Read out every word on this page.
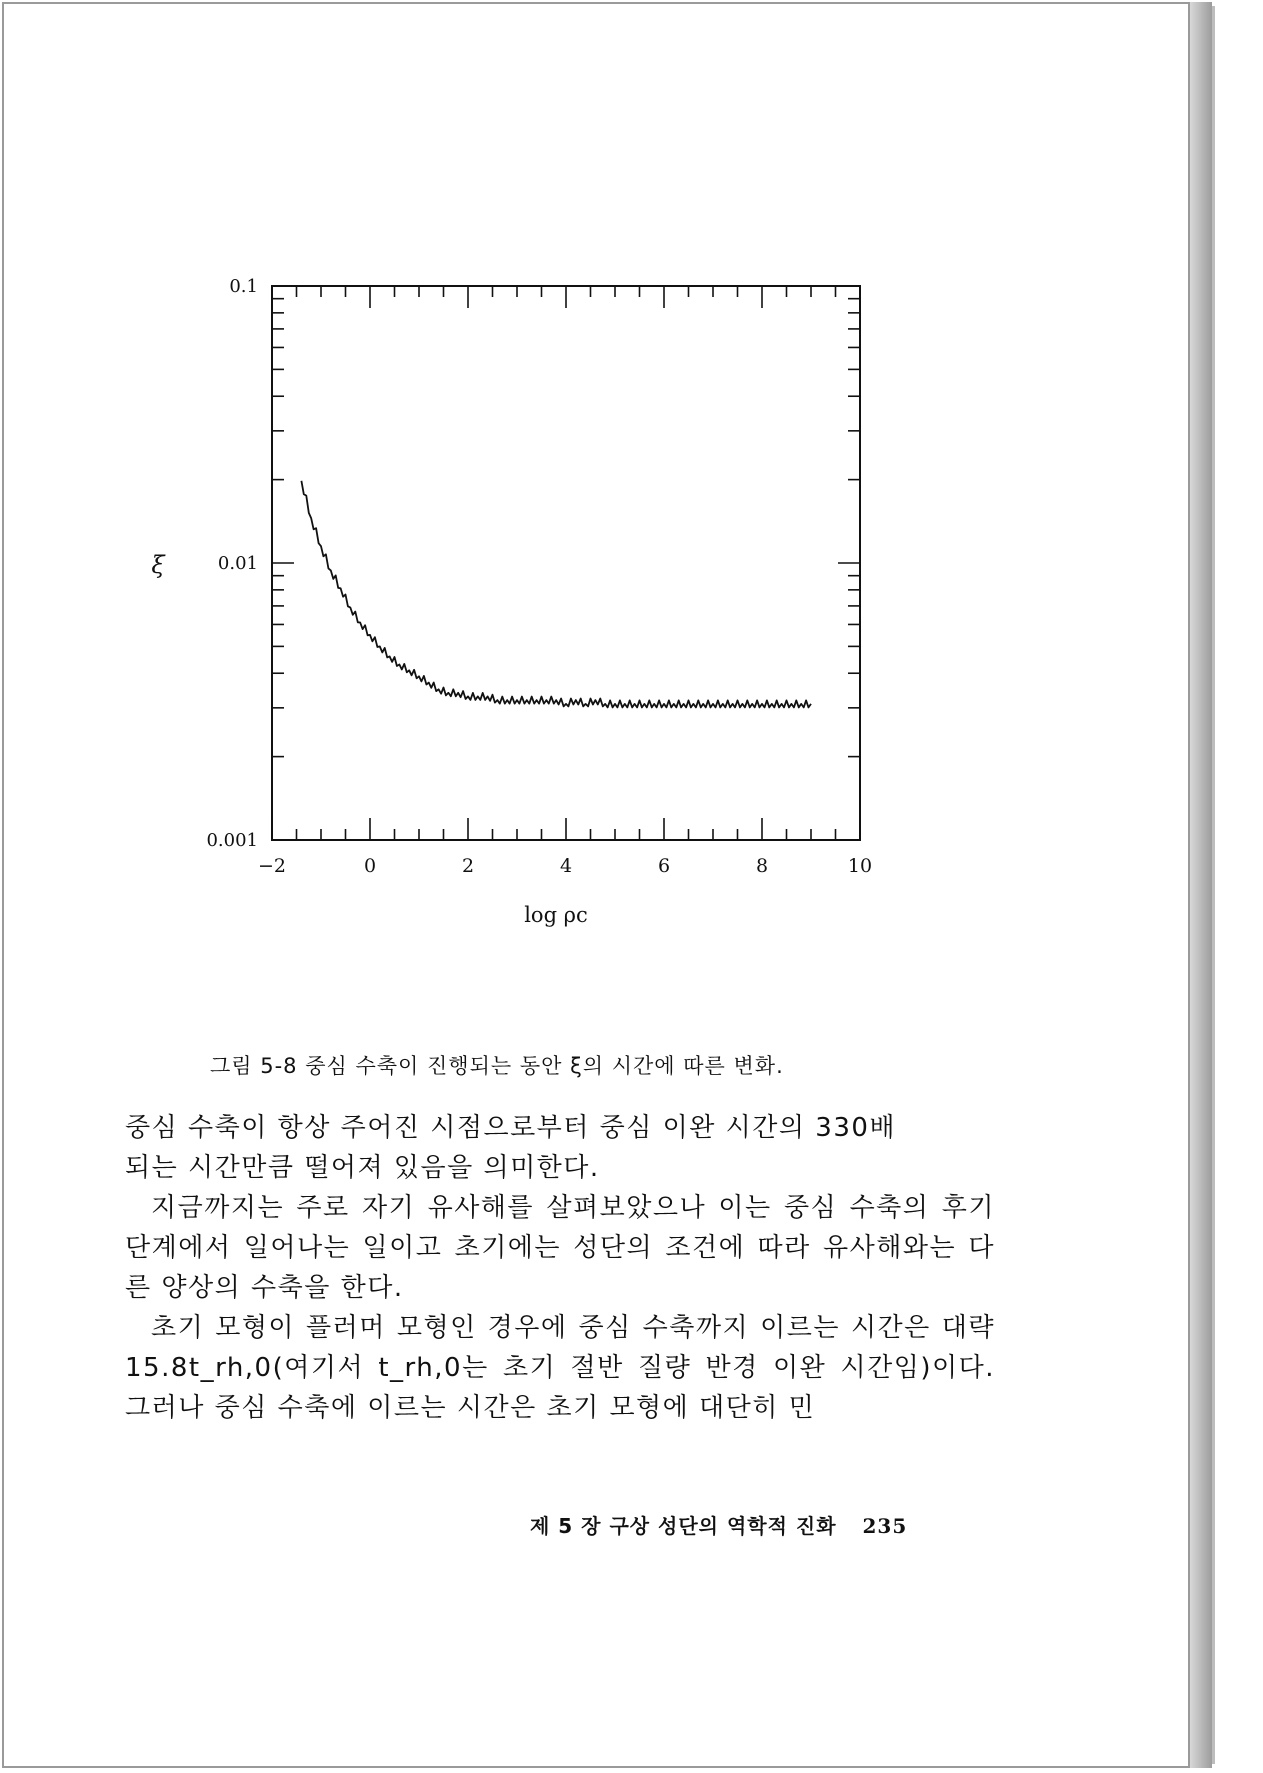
−2	0	2	4	6	8	10
0.001
0.01
0.1
log ρc
ξ
그림 5-8 중심 수축이 진행되는 동안 ξ의 시간에 따른 변화.

중심 수축이 항상 주어진 시점으로부터 중심 이완 시간의 330배

되는 시간만큼 떨어져 있음을 의미한다.

지금까지는 주로 자기 유사해를 살펴보았으나 이는 중심 수축의 후기 단계에서 일어나는 일이고 초기에는 성단의 조건에 따라 유사해와는 다른 양상의 수축을 한다.

초기 모형이 플러머 모형인 경우에 중심 수축까지 이르는 시간은 대략 15.8t_rh,0(여기서 t_rh,0는 초기 절반 질량 반경 이완 시간임)이다. 그러나 중심 수축에 이르는 시간은 초기 모형에 대단히 민

제 5 장 구상 성단의 역학적 진화 235
